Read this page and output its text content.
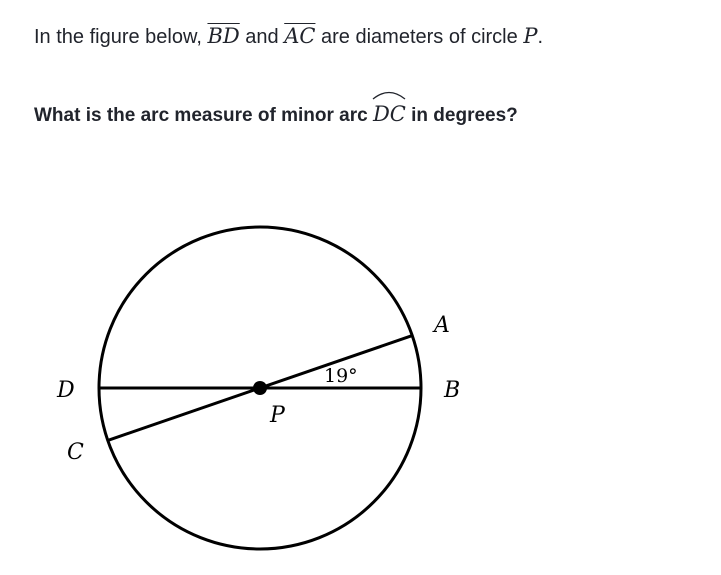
In the figure below, $\overline{BD}$ and $\overline{AC}$ are diameters of circle P.
What is the arc measure of minor arc
DC in degrees?
A
B
C
D
P
19°
